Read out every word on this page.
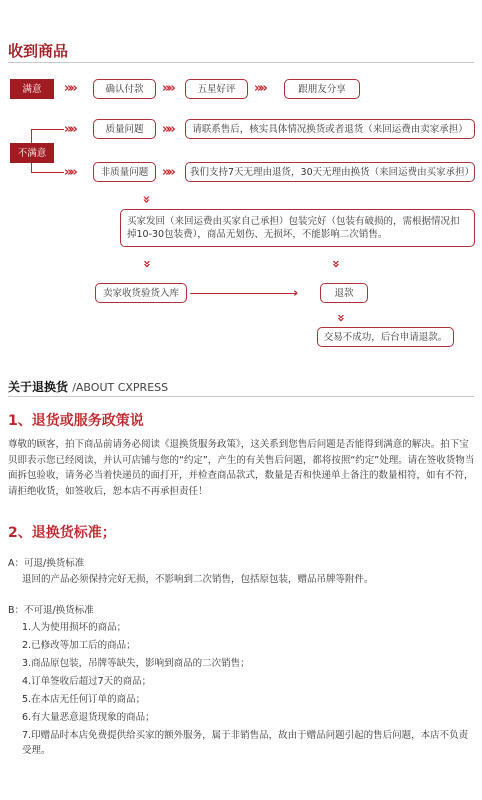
收到商品
满意	»»	确认付款	»»	五星好评	»»	跟朋友分享
不满意
»»	质量问题	»»	请联系售后，核实具体情况换货或者退货（来回运费由卖家承担）
»»	非质量问题	»»	我们支持7天无理由退货，30天无理由换货（来回运费由买家承担）
»
买家发回（来回运费由买家自己承担）包装完好（包装有破损的，需根据情况扣掉10-30包装费），商品无划伤、无损坏，不能影响二次销售。
»	»
卖家收货验货入库	›	退款
»
交易不成功，后台申请退款。
关于退换货 /ABOUT CXPRESS
1、退货或服务政策说
尊敬的顾客，拍下商品前请务必阅读《退换货服务政策》，这关系到您售后问题是否能得到满意的解决。拍下宝贝即表示您已经阅读，并认可店铺与您的“约定”，产生的有关售后问题，都将按照“约定”处理。请在签收货物当面拆包验收，请务必当着快递员的面打开，并检查商品款式，数量是否和快递单上备注的数量相符，如有不符，请拒绝收货，如签收后，恕本店不再承担责任！
2、退换货标准；
A：可退/换货标准
退回的产品必须保持完好无损，不影响到二次销售，包括原包装，赠品吊牌等附件。
B：不可退/换货标准
1.人为使用损坏的商品；
2.已修改等加工后的商品；
3.商品原包装，吊牌等缺失，影响到商品的二次销售；
4.订单签收后超过7天的商品；
5.在本店无任何订单的商品；
6.有大量恶意退货现象的商品；
7.印赠品时本店免费提供给买家的额外服务，属于非销售品，故由于赠品问题引起的售后问题，本店不负责受理。
